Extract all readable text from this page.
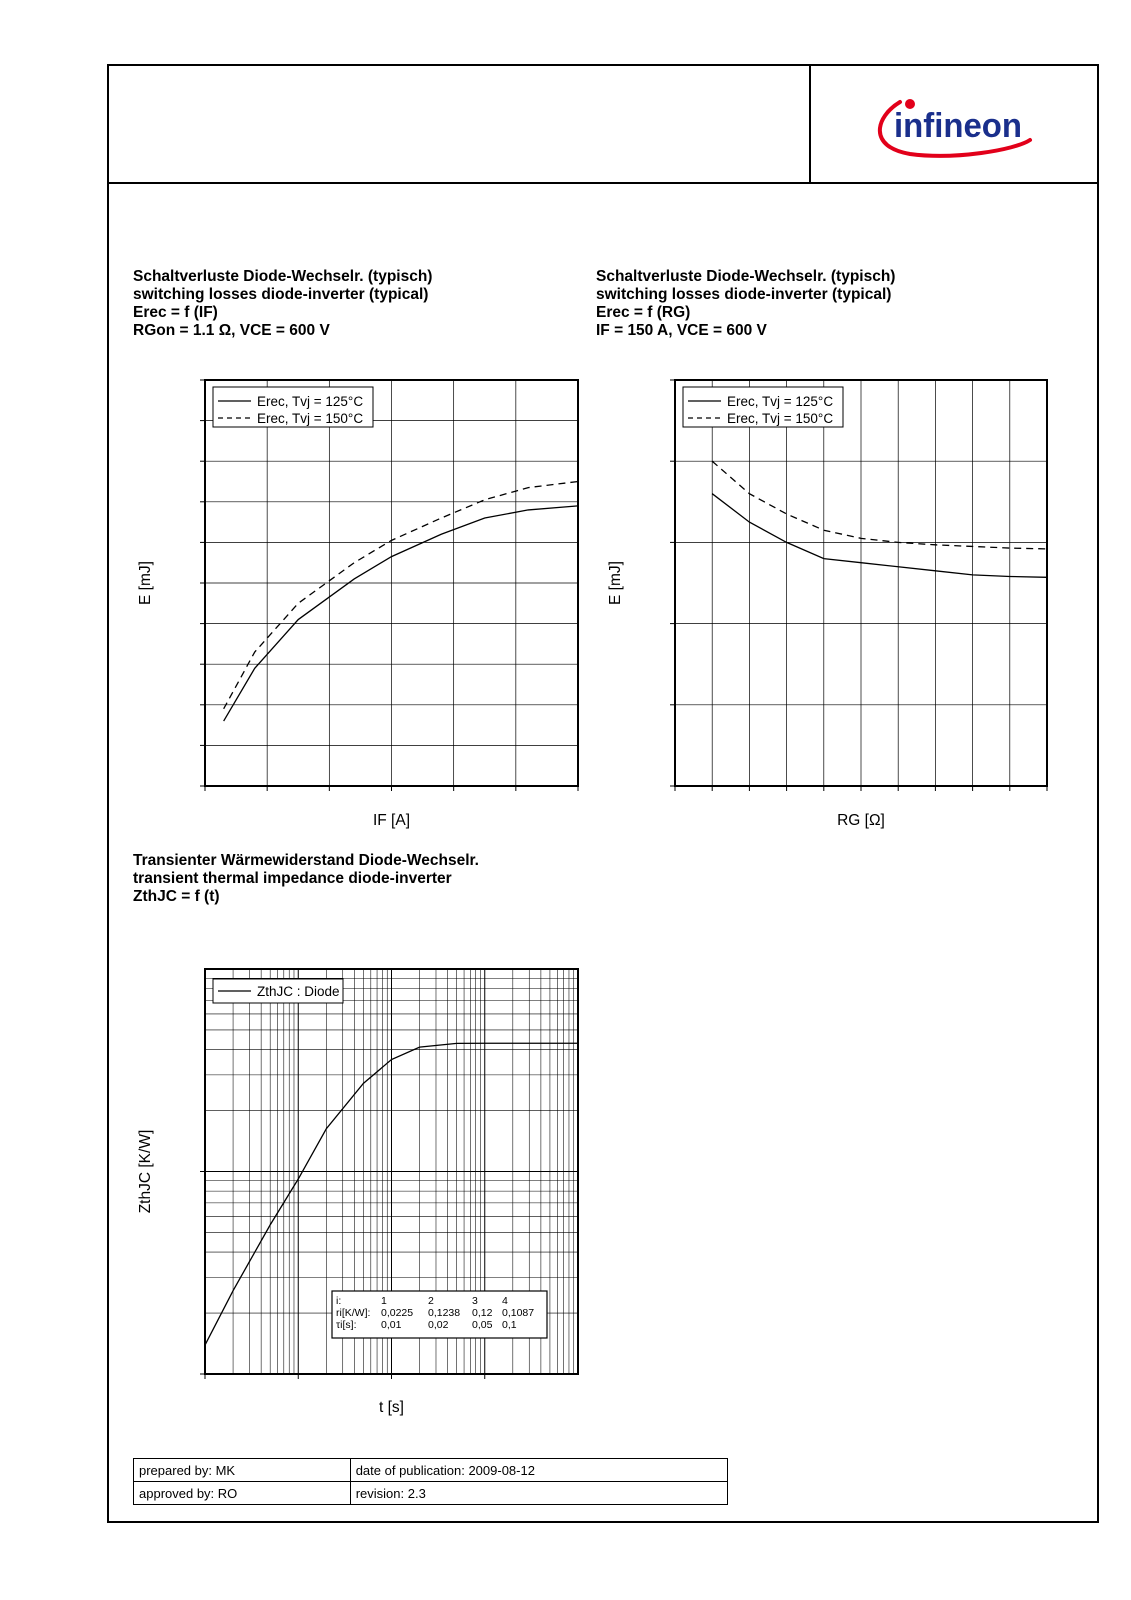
infineon
Schaltverluste Diode-Wechselr. (typisch)
switching losses diode-inverter (typical)
Erec = f (IF)
RGon = 1.1 Ω, VCE = 600 V
Schaltverluste Diode-Wechselr. (typisch)
switching losses diode-inverter (typical)
Erec = f (RG)
IF = 150 A, VCE = 600 V
Transienter Wärmewiderstand Diode-Wechselr.
transient thermal impedance diode-inverter
ZthJC = f (t)
Erec, Tvj = 125°C
Erec, Tvj = 150°C
IF [A]
E [mJ]
Erec, Tvj = 125°C
Erec, Tvj = 150°C
RG [Ω]
E [mJ]
ZthJC : Diode
i:	1	2	3 4
ri[K/W]: 0,0225 0,1238 0,12 0,1087
τi[s]: 0,01	0,02 0,05 0,1
t [s]
ZthJC [K/W]
prepared by: MK	date of publication: 2009-08-12
approved by: RO	revision: 2.3
